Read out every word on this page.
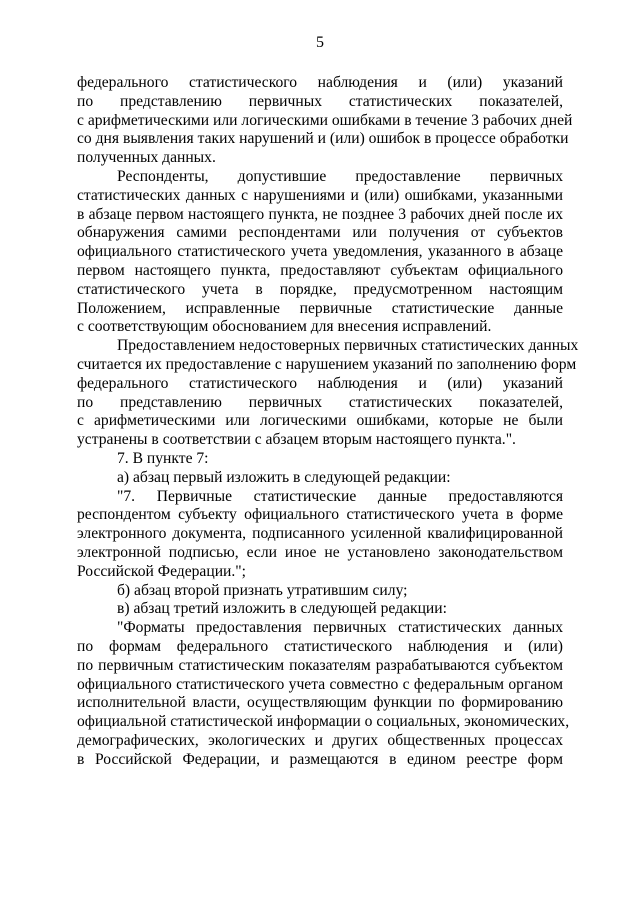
5
федерального статистического наблюдения и (или) указаний
по представлению первичных статистических показателей,
с арифметическими или логическими ошибками в течение 3 рабочих дней
со дня выявления таких нарушений и (или) ошибок в процессе обработки
полученных данных.
Респонденты, допустившие предоставление первичных
статистических данных с нарушениями и (или) ошибками, указанными
в абзаце первом настоящего пункта, не позднее 3 рабочих дней после их
обнаружения самими респондентами или получения от субъектов
официального статистического учета уведомления, указанного в абзаце
первом настоящего пункта, предоставляют субъектам официального
статистического учета в порядке, предусмотренном настоящим
Положением, исправленные первичные статистические данные
с соответствующим обоснованием для внесения исправлений.
Предоставлением недостоверных первичных статистических данных
считается их предоставление с нарушением указаний по заполнению форм
федерального статистического наблюдения и (или) указаний
по представлению первичных статистических показателей,
с арифметическими или логическими ошибками, которые не были
устранены в соответствии с абзацем вторым настоящего пункта.".
7. В пункте 7:
а) абзац первый изложить в следующей редакции:
"7. Первичные статистические данные предоставляются
респондентом субъекту официального статистического учета в форме
электронного документа, подписанного усиленной квалифицированной
электронной подписью, если иное не установлено законодательством
Российской Федерации.";
б) абзац второй признать утратившим силу;
в) абзац третий изложить в следующей редакции:
"Форматы предоставления первичных статистических данных
по формам федерального статистического наблюдения и (или)
по первичным статистическим показателям разрабатываются субъектом
официального статистического учета совместно с федеральным органом
исполнительной власти, осуществляющим функции по формированию
официальной статистической информации о социальных, экономических,
демографических, экологических и других общественных процессах
в Российской Федерации, и размещаются в едином реестре форм
